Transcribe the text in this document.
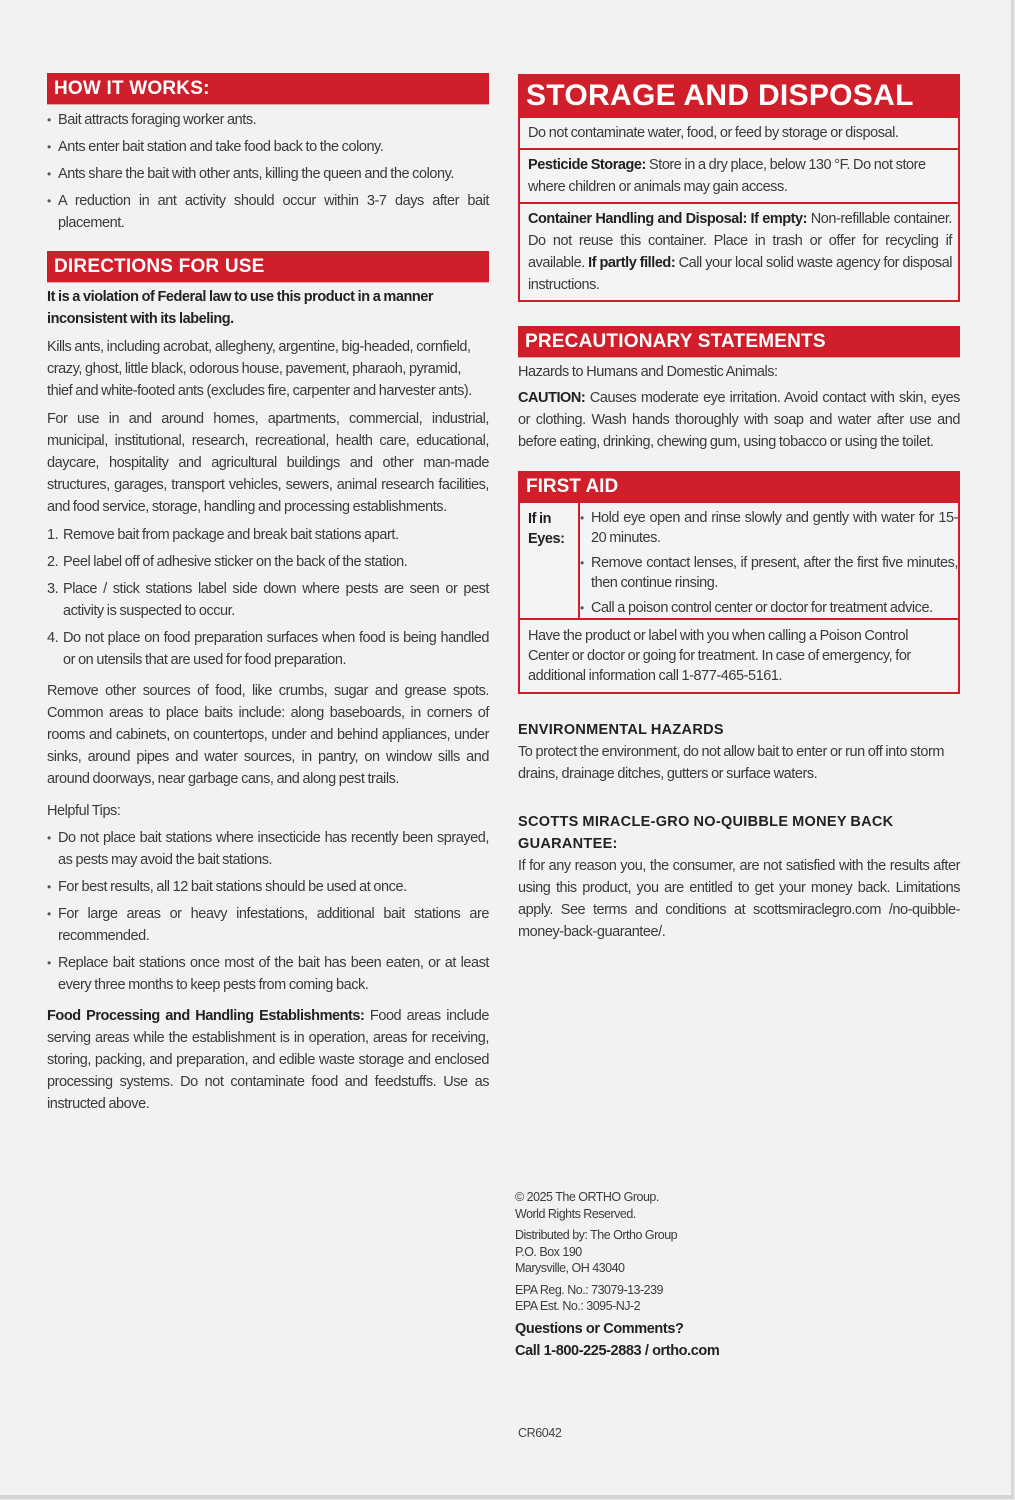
HOW IT WORKS:
• Bait attracts foraging worker ants.
• Ants enter bait station and take food back to the colony.
• Ants share the bait with other ants, killing the queen and the colony.
• A reduction in ant activity should occur within 3-7 days after bait placement.
DIRECTIONS FOR USE
It is a violation of Federal law to use this product in a manner inconsistent with its labeling.
Kills ants, including acrobat, allegheny, argentine, big-headed, cornfield, crazy, ghost, little black, odorous house, pavement, pharaoh, pyramid, thief and white-footed ants (excludes fire, carpenter and harvester ants).
For use in and around homes, apartments, commercial, industrial, municipal, institutional, research, recreational, health care, educational, daycare, hospitality and agricultural buildings and other man-made structures, garages, transport vehicles, sewers, animal research facilities, and food service, storage, handling and processing establishments.
1. Remove bait from package and break bait stations apart.
2. Peel label off of adhesive sticker on the back of the station.
3. Place / stick stations label side down where pests are seen or pest activity is suspected to occur.
4. Do not place on food preparation surfaces when food is being handled or on utensils that are used for food preparation.
Remove other sources of food, like crumbs, sugar and grease spots. Common areas to place baits include: along baseboards, in corners of rooms and cabinets, on countertops, under and behind appliances, under sinks, around pipes and water sources, in pantry, on window sills and around doorways, near garbage cans, and along pest trails.
Helpful Tips:
• Do not place bait stations where insecticide has recently been sprayed, as pests may avoid the bait stations.
• For best results, all 12 bait stations should be used at once.
• For large areas or heavy infestations, additional bait stations are recommended.
• Replace bait stations once most of the bait has been eaten, or at least every three months to keep pests from coming back.
Food Processing and Handling Establishments: Food areas include serving areas while the establishment is in operation, areas for receiving, storing, packing, and preparation, and edible waste storage and enclosed processing systems. Do not contaminate food and feedstuffs. Use as instructed above.
STORAGE AND DISPOSAL
Do not contaminate water, food, or feed by storage or disposal.
Pesticide Storage: Store in a dry place, below 130 °F. Do not store where children or animals may gain access.
Container Handling and Disposal: If empty: Non-refillable container. Do not reuse this container. Place in trash or offer for recycling if available. If partly filled: Call your local solid waste agency for disposal instructions.
PRECAUTIONARY STATEMENTS
Hazards to Humans and Domestic Animals:
CAUTION: Causes moderate eye irritation. Avoid contact with skin, eyes or clothing. Wash hands thoroughly with soap and water after use and before eating, drinking, chewing gum, using tobacco or using the toilet.
FIRST AID
If in
Eyes:
• Hold eye open and rinse slowly and gently with water for 15-20 minutes.
• Remove contact lenses, if present, after the first five minutes, then continue rinsing.
• Call a poison control center or doctor for treatment advice.
Have the product or label with you when calling a Poison Control Center or doctor or going for treatment. In case of emergency, for additional information call 1-877-465-5161.
ENVIRONMENTAL HAZARDS
To protect the environment, do not allow bait to enter or run off into storm drains, drainage ditches, gutters or surface waters.
SCOTTS MIRACLE-GRO NO-QUIBBLE MONEY BACK GUARANTEE:
If for any reason you, the consumer, are not satisfied with the results after using this product, you are entitled to get your money back. Limitations apply. See terms and conditions at scottsmiraclegro.com /no-quibble-money-back-guarantee/.
© 2025 The ORTHO Group.
World Rights Reserved.
Distributed by: The Ortho Group
P.O. Box 190
Marysville, OH 43040
EPA Reg. No.: 73079-13-239
EPA Est. No.: 3095-NJ-2
Questions or Comments?
Call 1-800-225-2883 / ortho.com
CR6042
